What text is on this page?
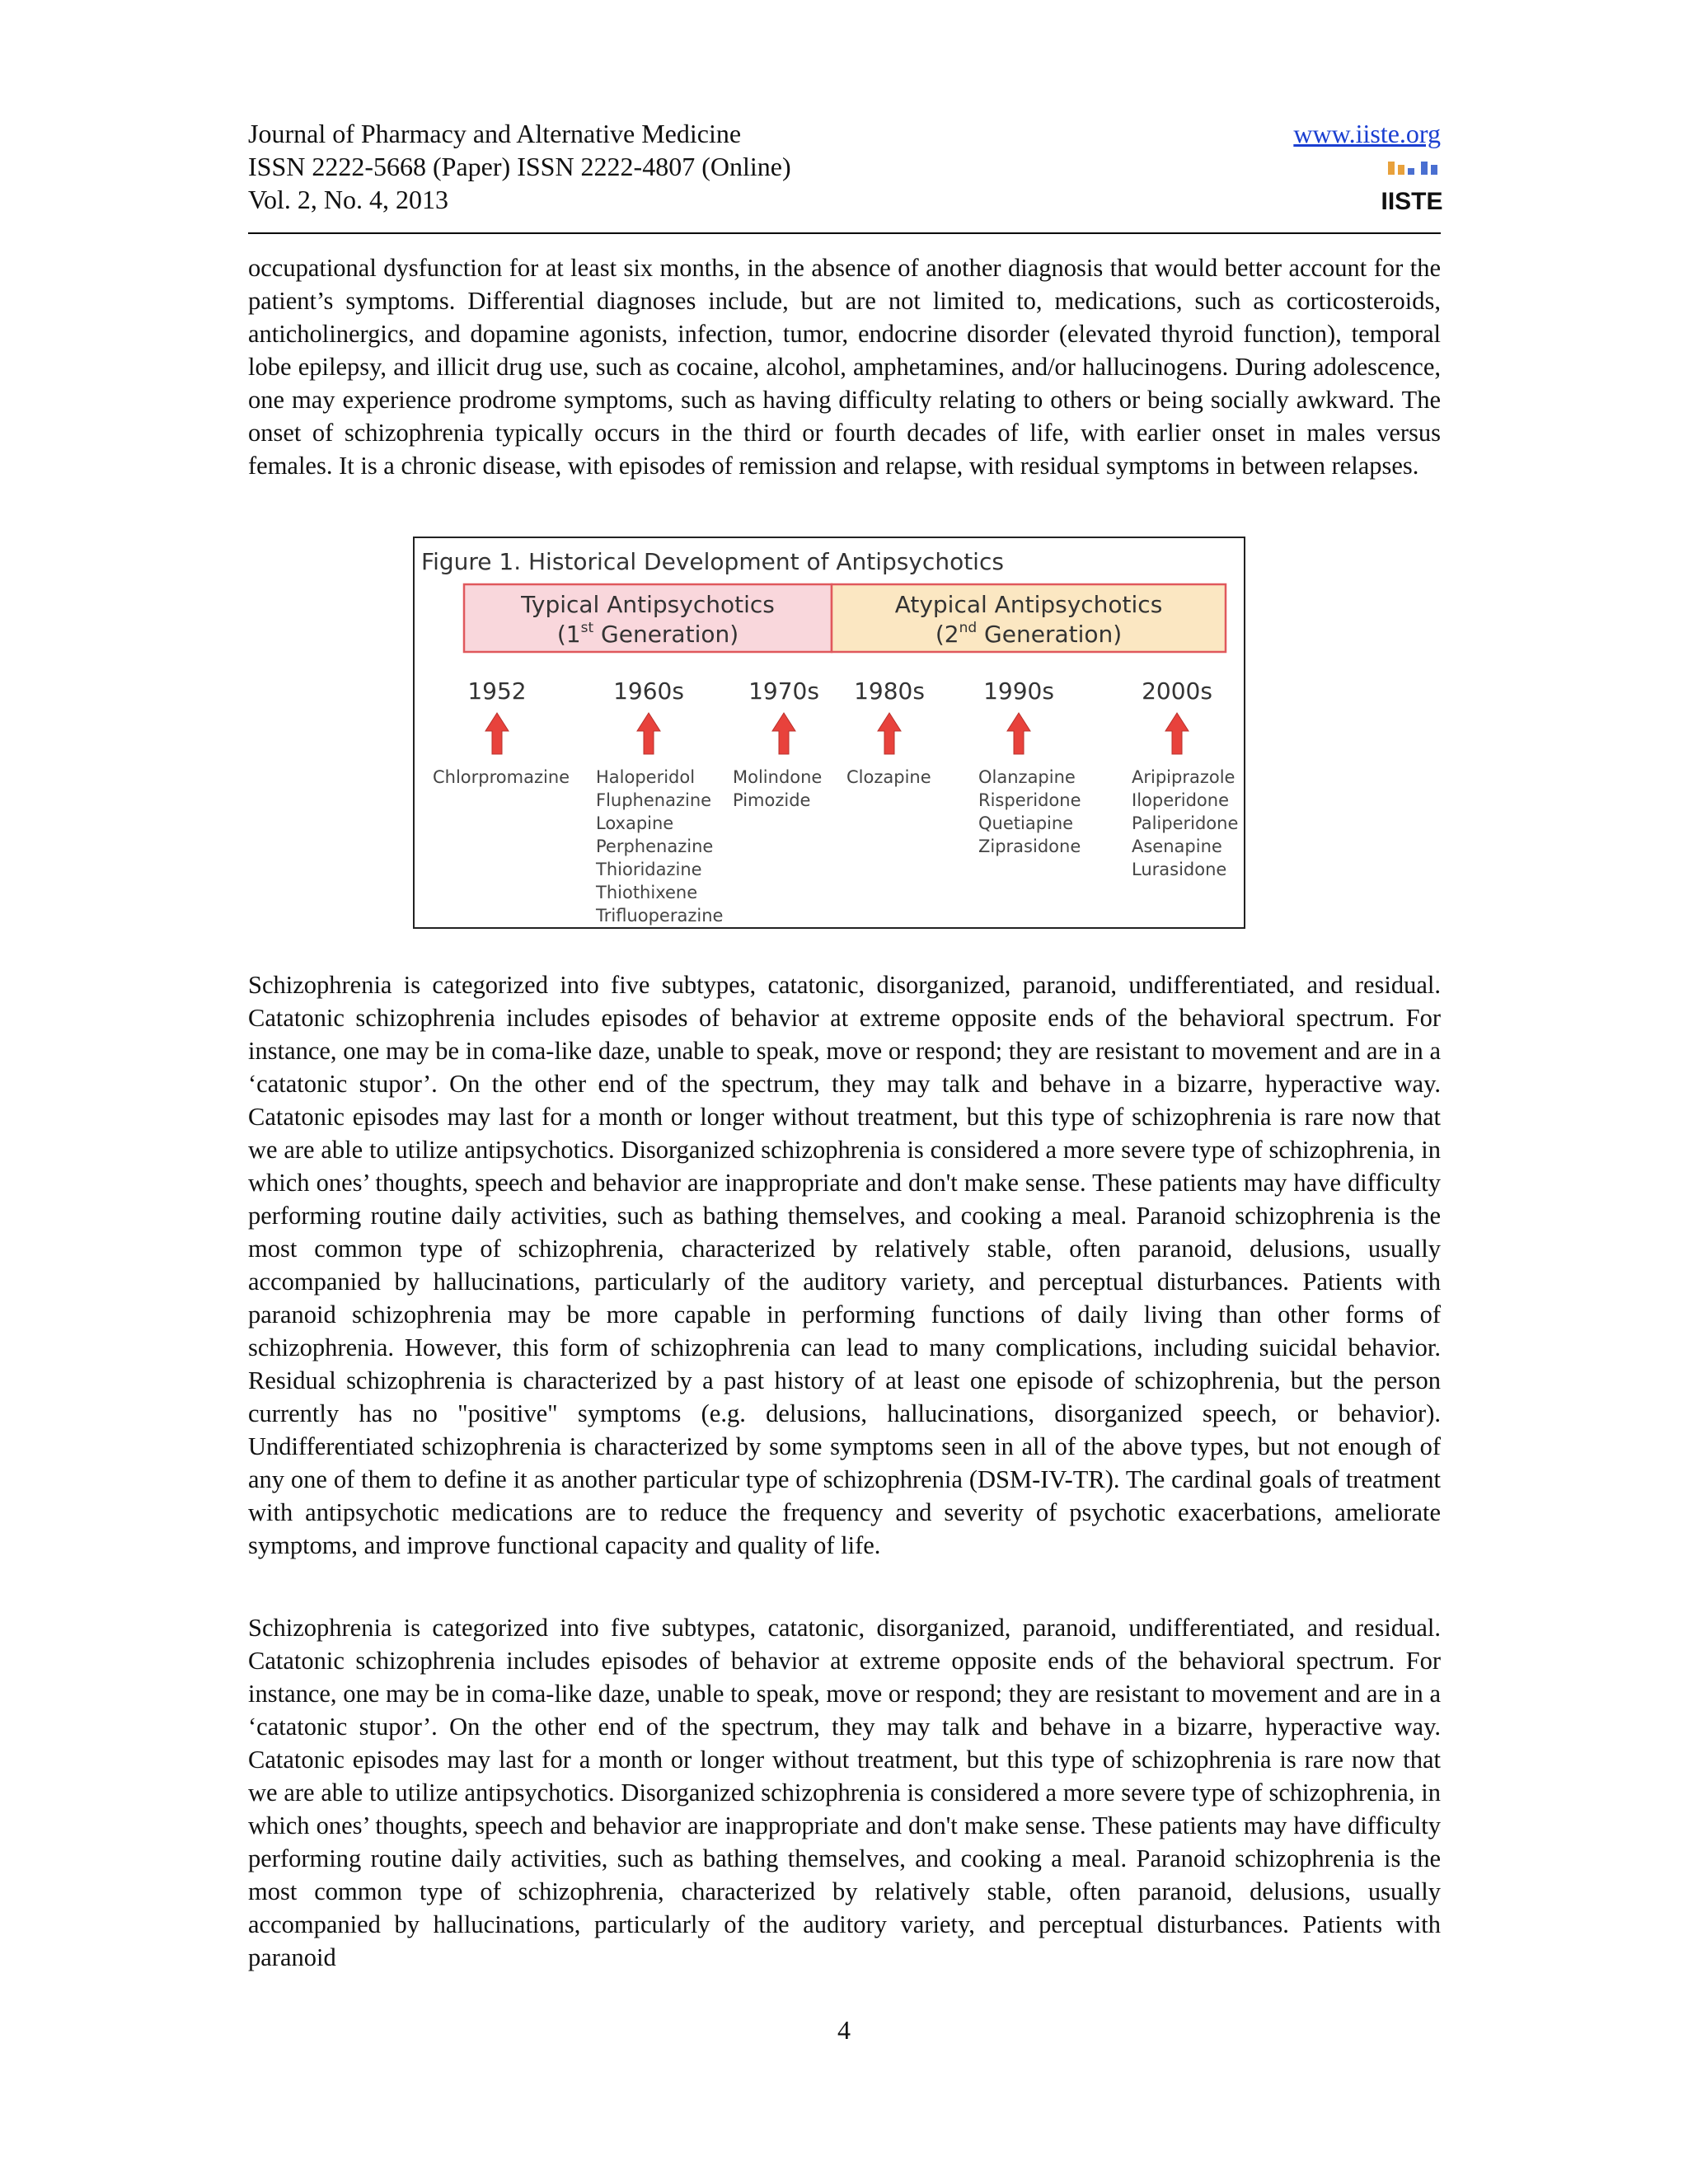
Journal of Pharmacy and Alternative Medicine
ISSN 2222-5668 (Paper) ISSN 2222-4807 (Online)
Vol. 2, No. 4, 2013
www.iiste.org
IISTE

occupational dysfunction for at least six months, in the absence of another diagnosis that would better account for the patient’s symptoms. Differential diagnoses include, but are not limited to, medications, such as corticosteroids, anticholinergics, and dopamine agonists, infection, tumor, endocrine disorder (elevated thyroid function), temporal lobe epilepsy, and illicit drug use, such as cocaine, alcohol, amphetamines, and/or hallucinogens. During adolescence, one may experience prodrome symptoms, such as having difficulty relating to others or being socially awkward. The onset of schizophrenia typically occurs in the third or fourth decades of life, with earlier onset in males versus females. It is a chronic disease, with episodes of remission and relapse, with residual symptoms in between relapses.

Figure 1. Historical Development of Antipsychotics
Typical Antipsychotics
(1st Generation)
Atypical Antipsychotics
(2nd Generation)
1952
Chlorpromazine
1960s
Haloperidol
Fluphenazine
Loxapine
Perphenazine
Thioridazine
Thiothixene
Trifluoperazine
1970s
Molindone
Pimozide
1980s
Clozapine
1990s
Olanzapine
Risperidone
Quetiapine
Ziprasidone
2000s
Aripiprazole
Iloperidone
Paliperidone
Asenapine
Lurasidone

Schizophrenia is categorized into five subtypes, catatonic, disorganized, paranoid, undifferentiated, and residual. Catatonic schizophrenia includes episodes of behavior at extreme opposite ends of the behavioral spectrum. For instance, one may be in coma-like daze, unable to speak, move or respond; they are resistant to movement and are in a ‘catatonic stupor’. On the other end of the spectrum, they may talk and behave in a bizarre, hyperactive way. Catatonic episodes may last for a month or longer without treatment, but this type of schizophrenia is rare now that we are able to utilize antipsychotics. Disorganized schizophrenia is considered a more severe type of schizophrenia, in which ones’ thoughts, speech and behavior are inappropriate and don't make sense. These patients may have difficulty performing routine daily activities, such as bathing themselves, and cooking a meal. Paranoid schizophrenia is the most common type of schizophrenia, characterized by relatively stable, often paranoid, delusions, usually accompanied by hallucinations, particularly of the auditory variety, and perceptual disturbances. Patients with paranoid schizophrenia may be more capable in performing functions of daily living than other forms of schizophrenia. However, this form of schizophrenia can lead to many complications, including suicidal behavior. Residual schizophrenia is characterized by a past history of at least one episode of schizophrenia, but the person currently has no "positive" symptoms (e.g. delusions, hallucinations, disorganized speech, or behavior). Undifferentiated schizophrenia is characterized by some symptoms seen in all of the above types, but not enough of any one of them to define it as another particular type of schizophrenia (DSM-IV-TR). The cardinal goals of treatment with antipsychotic medications are to reduce the frequency and severity of psychotic exacerbations, ameliorate symptoms, and improve functional capacity and quality of life.

Schizophrenia is categorized into five subtypes, catatonic, disorganized, paranoid, undifferentiated, and residual. Catatonic schizophrenia includes episodes of behavior at extreme opposite ends of the behavioral spectrum. For instance, one may be in coma-like daze, unable to speak, move or respond; they are resistant to movement and are in a ‘catatonic stupor’. On the other end of the spectrum, they may talk and behave in a bizarre, hyperactive way. Catatonic episodes may last for a month or longer without treatment, but this type of schizophrenia is rare now that we are able to utilize antipsychotics. Disorganized schizophrenia is considered a more severe type of schizophrenia, in which ones’ thoughts, speech and behavior are inappropriate and don't make sense. These patients may have difficulty performing routine daily activities, such as bathing themselves, and cooking a meal. Paranoid schizophrenia is the most common type of schizophrenia, characterized by relatively stable, often paranoid, delusions, usually accompanied by hallucinations, particularly of the auditory variety, and perceptual disturbances. Patients with paranoid

4
